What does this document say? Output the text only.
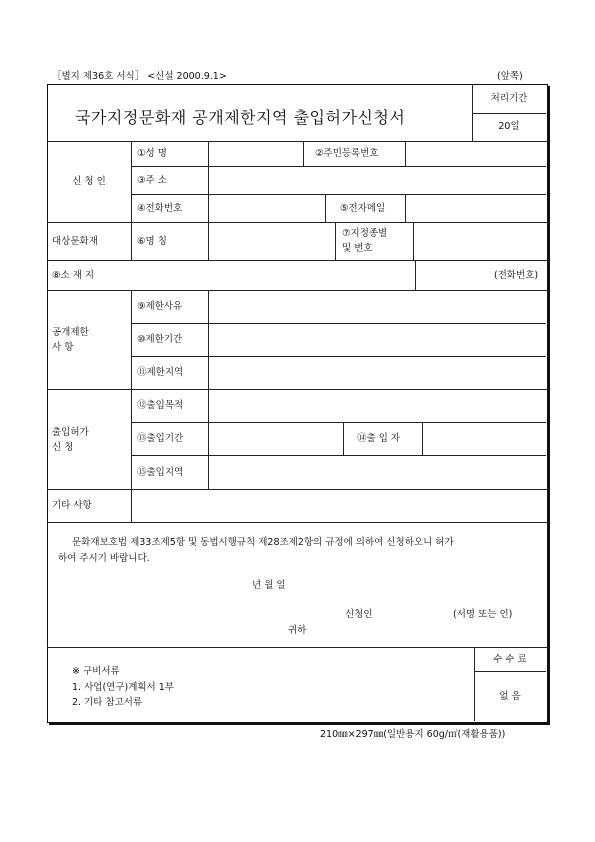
［별지 제36호 서식］ <신설 2000.9.1>	(앞쪽)
국가지정문화재 공개제한지역 출입허가신청서
처리기간
20일
신 청 인
①성 명	②주민등록번호
③주 소
④전화번호	⑤전자메일
대상문화재	⑥명 칭
⑦지정종별
및 번호
⑧소 재 지	(전화번호)
공개제한
사 항
⑨제한사유
⑩제한기간
⑪제한지역
출입허가
신 청
⑫출입목적
⑬출입기간	⑭출 입 자
⑮출입지역
기타 사항
문화재보호법 제33조제5항 및 동법시행규칙 제28조제2항의 규정에 의하여 신청하오니 허가
하여 주시기 바랍니다.
년 월 일
신청인	(서명 또는 인)
귀하
※ 구비서류
1. 사업(연구)계획서 1부
2. 기타 참고서류
수 수 료
없 음
210㎜×297㎜(일반용지 60g/㎡(재활용품))
